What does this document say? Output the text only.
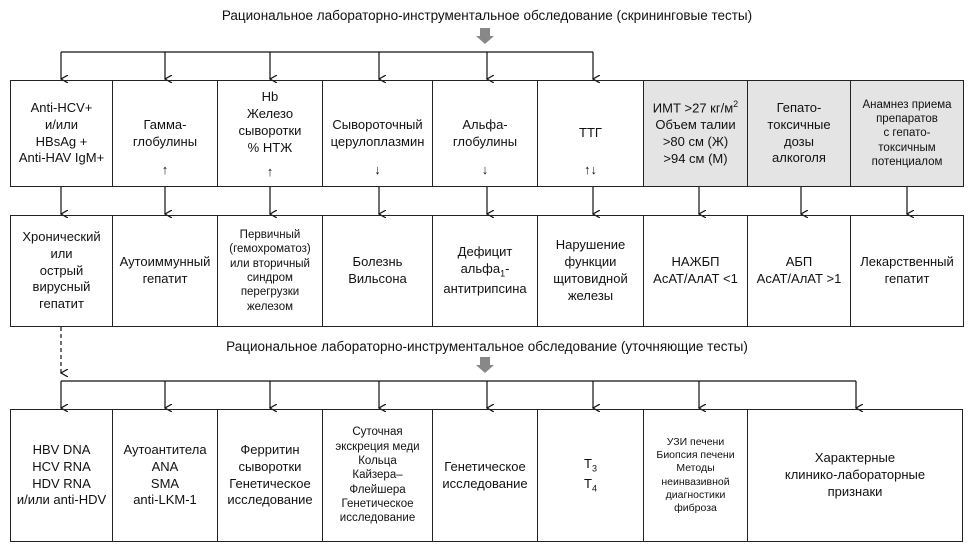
Рациональное лабораторно-инструментальное обследование (скрининговые тесты)
Рациональное лабораторно-инструментальное обследование (уточняющие тесты)
Anti-HCV+
и/или
HBsAg +
Anti-HAV IgM+
Гамма-
глобулины
↑
Hb
Железо
сыворотки
% НТЖ
↑
Сывороточный
церулоплазмин
↓
Альфа-
глобулины
↓
ТТГ
↑↓
ИМТ >27 $кг/м^2$
Объем талии
>80 см (Ж)
>94 см (М)
Гепато-
токсичные
дозы
алкоголя
Анамнез приема
препаратов
с гепато-
токсичным
потенциалом
Хронический
или
острый
вирусный
гепатит
Аутоиммунный
гепатит
Первичный
(гемохроматоз)
или вторичный
синдром
перегрузки
железом
Болезнь
Вильсона
Дефицит
альфа$_1$-
антитрипсина
Нарушение
функции
щитовидной
железы
НАЖБП
АсАТ/АлАТ <1
АБП
АсАТ/АлАТ >1
Лекарственный
гепатит
HBV DNA
HCV RNA
HDV RNA
и/или anti-HDV
Аутоантитела
ANA
SMA
anti-LKM-1
Ферритин
сыворотки
Генетическое
исследование
Суточная
экскреция меди
Кольца
Кайзера–
Флейшера
Генетическое
исследование
Генетическое
исследование
$T_3$
$T_4$
УЗИ печени
Биопсия печени
Методы
неинвазивной
диагностики
фиброза
Характерные
клинико-лабораторные
признаки
